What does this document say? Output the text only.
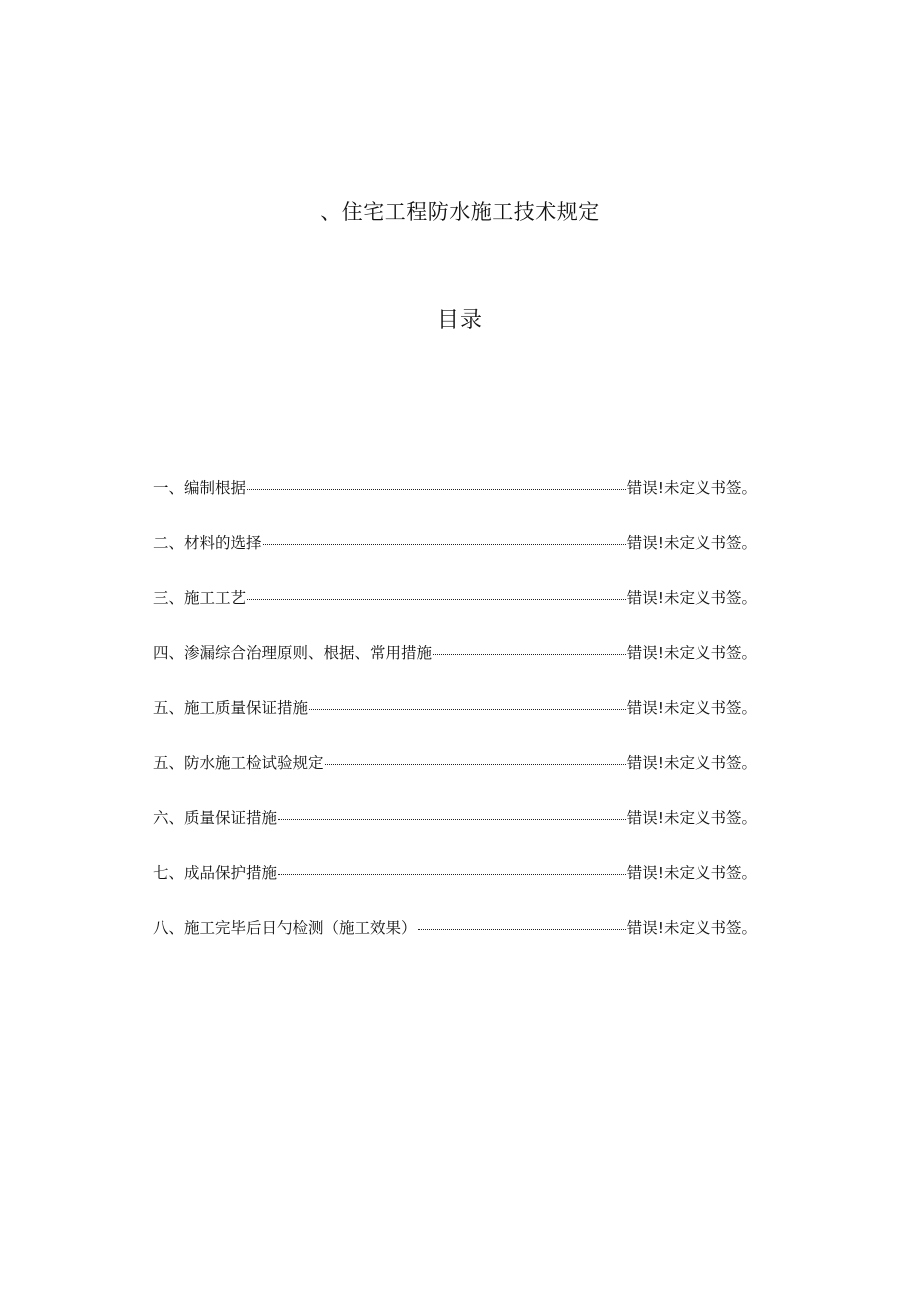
、住宅工程防水施工技术规定
目录
一、编制根据	错误!未定义书签。
二、材料的选择	错误!未定义书签。
三、施工工艺	错误!未定义书签。
四、渗漏综合治理原则、根据、常用措施	错误!未定义书签。
五、施工质量保证措施	错误!未定义书签。
五、防水施工检试验规定	错误!未定义书签。
六、质量保证措施	错误!未定义书签。
七、成品保护措施	错误!未定义书签。
八、施工完毕后日勺检测（施工效果）	错误!未定义书签。
